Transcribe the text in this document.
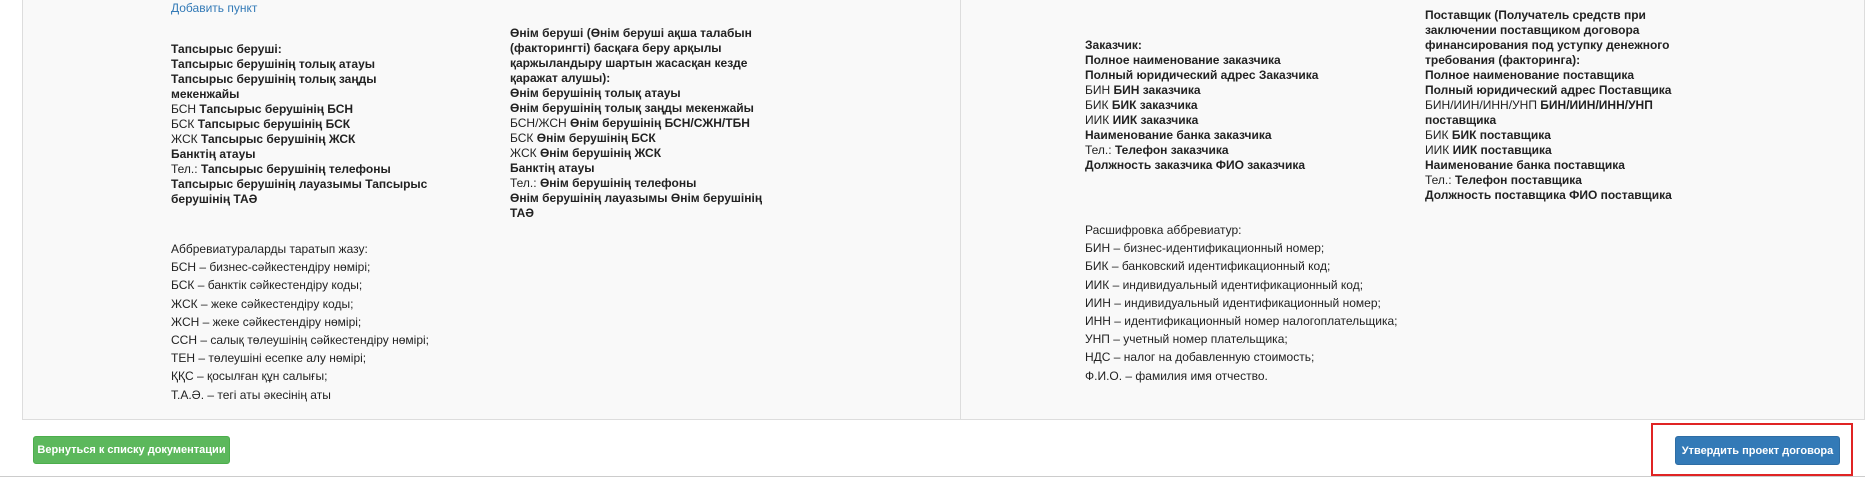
Добавить пункт
Тапсырыс беруші:
Тапсырыс берушінің толық атауы
Тапсырыс берушінің толық заңды
мекенжайы
БСН Тапсырыс берушінің БСН
БСК Тапсырыс берушінің БСК
ЖСК Тапсырыс берушінің ЖСК
Банктің атауы
Тел.: Тапсырыс берушінің телефоны
Тапсырыс берушінің лауазымы Тапсырыс
берушінің ТАӘ
Өнім беруші (Өнім беруші ақша талабын
(факторингті) басқаға беру арқылы
қаржыландыру шартын жасасқан кезде
қаражат алушы):
Өнім берушінің толық атауы
Өнім берушінің толық заңды мекенжайы
БСН/ЖСН Өнім берушінің БСН/СЖН/ТБН
БСК Өнім берушінің БСК
ЖСК Өнім берушінің ЖСК
Банктің атауы
Тел.: Өнім берушінің телефоны
Өнім берушінің лауазымы Өнім берушінің
ТАӘ
Заказчик:
Полное наименование заказчика
Полный юридический адрес Заказчика
БИН БИН заказчика
БИК БИК заказчика
ИИК ИИК заказчика
Наименование банка заказчика
Тел.: Телефон заказчика
Должность заказчика ФИО заказчика
Поставщик (Получатель средств при
заключении поставщиком договора
финансирования под уступку денежного
требования (факторинга):
Полное наименование поставщика
Полный юридический адрес Поставщика
БИН/ИИН/ИНН/УНП БИН/ИИН/ИНН/УНП
поставщика
БИК БИК поставщика
ИИК ИИК поставщика
Наименование банка поставщика
Тел.: Телефон поставщика
Должность поставщика ФИО поставщика
Аббревиатураларды таратып жазу:
БСН – бизнес-сәйкестендіру нөмірі;
БСК – банктік сәйкестендіру коды;
ЖСК – жеке сәйкестендіру коды;
ЖСН – жеке сәйкестендіру нөмірі;
ССН – салық төлеушінің сәйкестендіру нөмірі;
ТЕН – төлеушіні есепке алу нөмірі;
ҚҚС – қосылған құн салығы;
Т.А.Ә. – тегі аты әкесінің аты
Расшифровка аббревиатур:
БИН – бизнес-идентификационный номер;
БИК – банковский идентификационный код;
ИИК – индивидуальный идентификационный код;
ИИН – индивидуальный идентификационный номер;
ИНН – идентификационный номер налогоплательщика;
УНП – учетный номер плательщика;
НДС – налог на добавленную стоимость;
Ф.И.О. – фамилия имя отчество.
Вернуться к списку документации	Утвердить проект договора
